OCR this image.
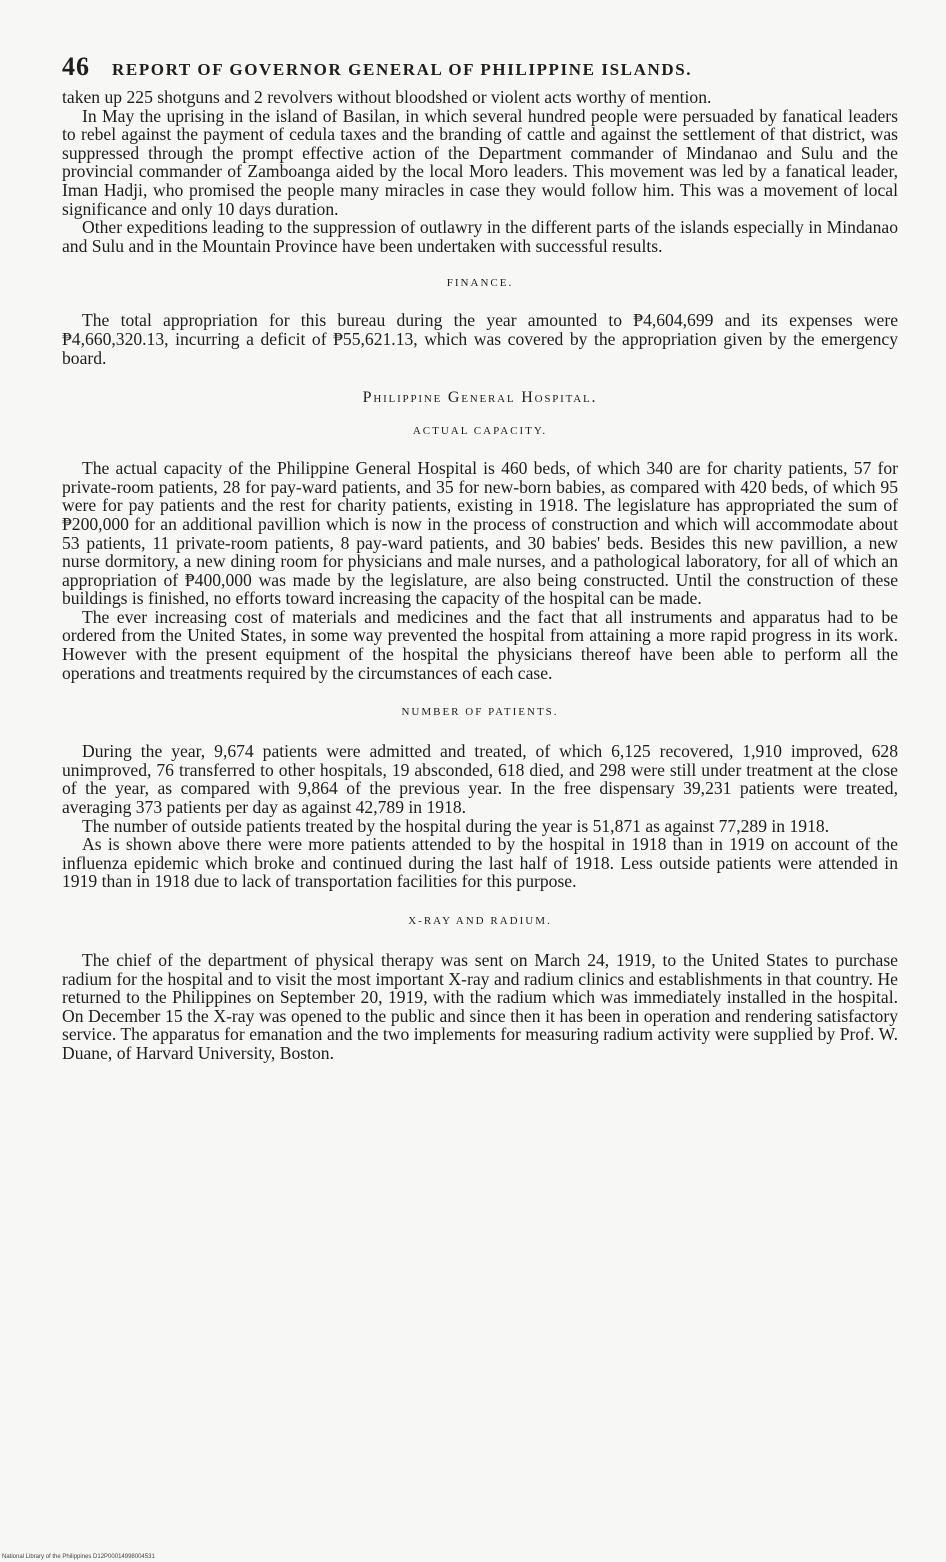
46 REPORT OF GOVERNOR GENERAL OF PHILIPPINE ISLANDS.

taken up 225 shotguns and 2 revolvers without bloodshed or violent acts worthy of mention.

In May the uprising in the island of Basilan, in which several hundred people were persuaded by fanatical leaders to rebel against the payment of cedula taxes and the branding of cattle and against the settlement of that district, was suppressed through the prompt effective action of the Department commander of Mindanao and Sulu and the provincial commander of Zamboanga aided by the local Moro leaders. This movement was led by a fanatical leader, Iman Hadji, who promised the people many miracles in case they would follow him. This was a movement of local significance and only 10 days duration.

Other expeditions leading to the suppression of outlawry in the different parts of the islands especially in Mindanao and Sulu and in the Mountain Province have been undertaken with successful results.

FINANCE.

The total appropriation for this bureau during the year amounted to ₱4,604,699 and its expenses were ₱4,660,320.13, incurring a deficit of ₱55,621.13, which was covered by the appropriation given by the emergency board.

Philippine General Hospital.
ACTUAL CAPACITY.

The actual capacity of the Philippine General Hospital is 460 beds, of which 340 are for charity patients, 57 for private-room patients, 28 for pay-ward patients, and 35 for new-born babies, as compared with 420 beds, of which 95 were for pay patients and the rest for charity patients, existing in 1918. The legislature has appropriated the sum of ₱200,000 for an additional pavillion which is now in the process of construction and which will accommodate about 53 patients, 11 private-room patients, 8 pay-ward patients, and 30 babies' beds. Besides this new pavillion, a new nurse dormitory, a new dining room for physicians and male nurses, and a pathological laboratory, for all of which an appropriation of ₱400,000 was made by the legislature, are also being constructed. Until the construction of these buildings is finished, no efforts toward increasing the capacity of the hospital can be made.

The ever increasing cost of materials and medicines and the fact that all instruments and apparatus had to be ordered from the United States, in some way prevented the hospital from attaining a more rapid progress in its work. However with the present equipment of the hospital the physicians thereof have been able to perform all the operations and treatments required by the circumstances of each case.

NUMBER OF PATIENTS.

During the year, 9,674 patients were admitted and treated, of which 6,125 recovered, 1,910 improved, 628 unimproved, 76 transferred to other hospitals, 19 absconded, 618 died, and 298 were still under treatment at the close of the year, as compared with 9,864 of the previous year. In the free dispensary 39,231 patients were treated, averaging 373 patients per day as against 42,789 in 1918.

The number of outside patients treated by the hospital during the year is 51,871 as against 77,289 in 1918.

As is shown above there were more patients attended to by the hospital in 1918 than in 1919 on account of the influenza epidemic which broke and continued during the last half of 1918. Less outside patients were attended in 1919 than in 1918 due to lack of transportation facilities for this purpose.

X-RAY AND RADIUM.

The chief of the department of physical therapy was sent on March 24, 1919, to the United States to purchase radium for the hospital and to visit the most important X-ray and radium clinics and establishments in that country. He returned to the Philippines on September 20, 1919, with the radium which was immediately installed in the hospital. On December 15 the X-ray was opened to the public and since then it has been in operation and rendering satisfactory service. The apparatus for emanation and the two implements for measuring radium activity were supplied by Prof. W. Duane, of Harvard University, Boston.

National Library of the Philippines D12P00014998004531
